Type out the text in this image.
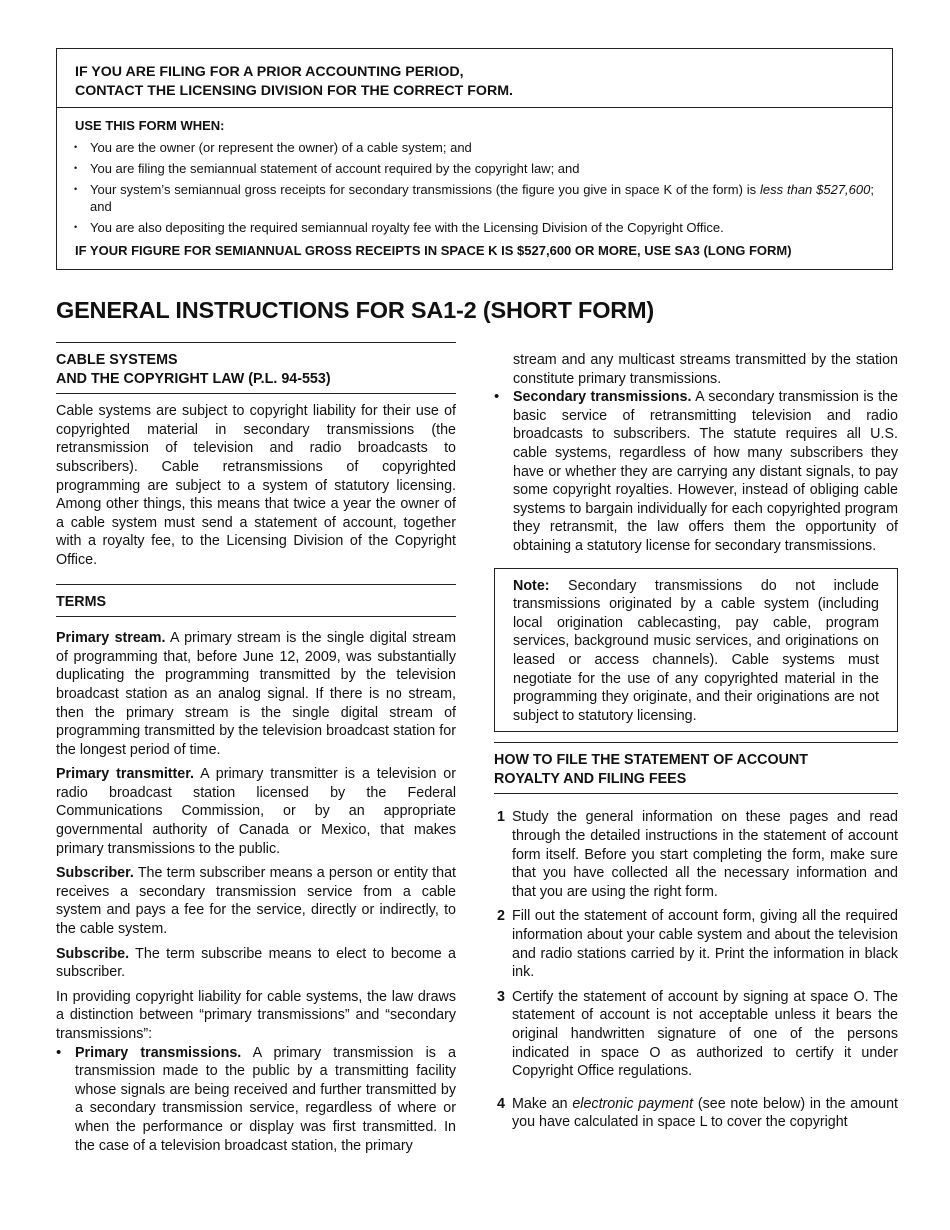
IF YOU ARE FILING FOR A PRIOR ACCOUNTING PERIOD,
CONTACT THE LICENSING DIVISION FOR THE CORRECT FORM.
USE THIS FORM WHEN:
• You are the owner (or represent the owner) of a cable system; and
• You are filing the semiannual statement of account required by the copyright law; and
• Your system’s semiannual gross receipts for secondary transmissions (the figure you give in space K of the form) is less than $527,600; and
• You are also depositing the required semiannual royalty fee with the Licensing Division of the Copyright Office.
IF YOUR FIGURE FOR SEMIANNUAL GROSS RECEIPTS IN SPACE K IS $527,600 OR MORE, USE SA3 (LONG FORM)
GENERAL INSTRUCTIONS FOR SA1-2 (SHORT FORM)
CABLE SYSTEMS
AND THE COPYRIGHT LAW (P.L. 94-553)

Cable systems are subject to copyright liability for their use of copyrighted material in secondary transmissions (the retransmission of television and radio broadcasts to subscribers). Cable retransmissions of copyrighted programming are subject to a system of statutory licensing. Among other things, this means that twice a year the owner of a cable system must send a statement of account, together with a royalty fee, to the Licensing Division of the Copyright Office.

TERMS

Primary stream. A primary stream is the single digital stream of programming that, before June 12, 2009, was substantially duplicating the programming transmitted by the television broadcast station as an analog signal. If there is no stream, then the primary stream is the single digital stream of programming transmitted by the television broadcast station for the longest period of time.

Primary transmitter. A primary transmitter is a television or radio broadcast station licensed by the Federal Communications Commission, or by an appropriate governmental authority of Canada or Mexico, that makes primary transmissions to the public.

Subscriber. The term subscriber means a person or entity that receives a secondary transmission service from a cable system and pays a fee for the service, directly or indirectly, to the cable system.

Subscribe. The term subscribe means to elect to become a subscriber.

In providing copyright liability for cable systems, the law draws a distinction between “primary transmissions” and “secondary transmissions”:

• Primary transmissions. A primary transmission is a transmission made to the public by a transmitting facility whose signals are being received and further transmitted by a secondary transmission service, regardless of where or when the performance or display was first transmitted. In the case of a television broadcast station, the primary

stream and any multicast streams transmitted by the station constitute primary transmissions.

• Secondary transmissions. A secondary transmission is the basic service of retransmitting television and radio broadcasts to subscribers. The statute requires all U.S. cable systems, regardless of how many subscribers they have or whether they are carrying any distant signals, to pay some copyright royalties. However, instead of obliging cable systems to bargain individually for each copyrighted program they retransmit, the law offers them the opportunity of obtaining a statutory license for secondary transmissions.

Note: Secondary transmissions do not include transmissions originated by a cable system (including local origination cablecasting, pay cable, program services, background music services, and originations on leased or access channels). Cable systems must negotiate for the use of any copyrighted material in the programming they originate, and their originations are not subject to statutory licensing.
HOW TO FILE THE STATEMENT OF ACCOUNT
ROYALTY AND FILING FEES
1 Study the general information on these pages and read through the detailed instructions in the statement of account form itself. Before you start completing the form, make sure that you have collected all the necessary information and that you are using the right form.
2 Fill out the statement of account form, giving all the required information about your cable system and about the television and radio stations carried by it. Print the information in black ink.
3 Certify the statement of account by signing at space O. The statement of account is not acceptable unless it bears the original handwritten signature of one of the persons indicated in space O as authorized to certify it under Copyright Office regulations.
4 Make an electronic payment (see note below) in the amount you have calculated in space L to cover the copyright
